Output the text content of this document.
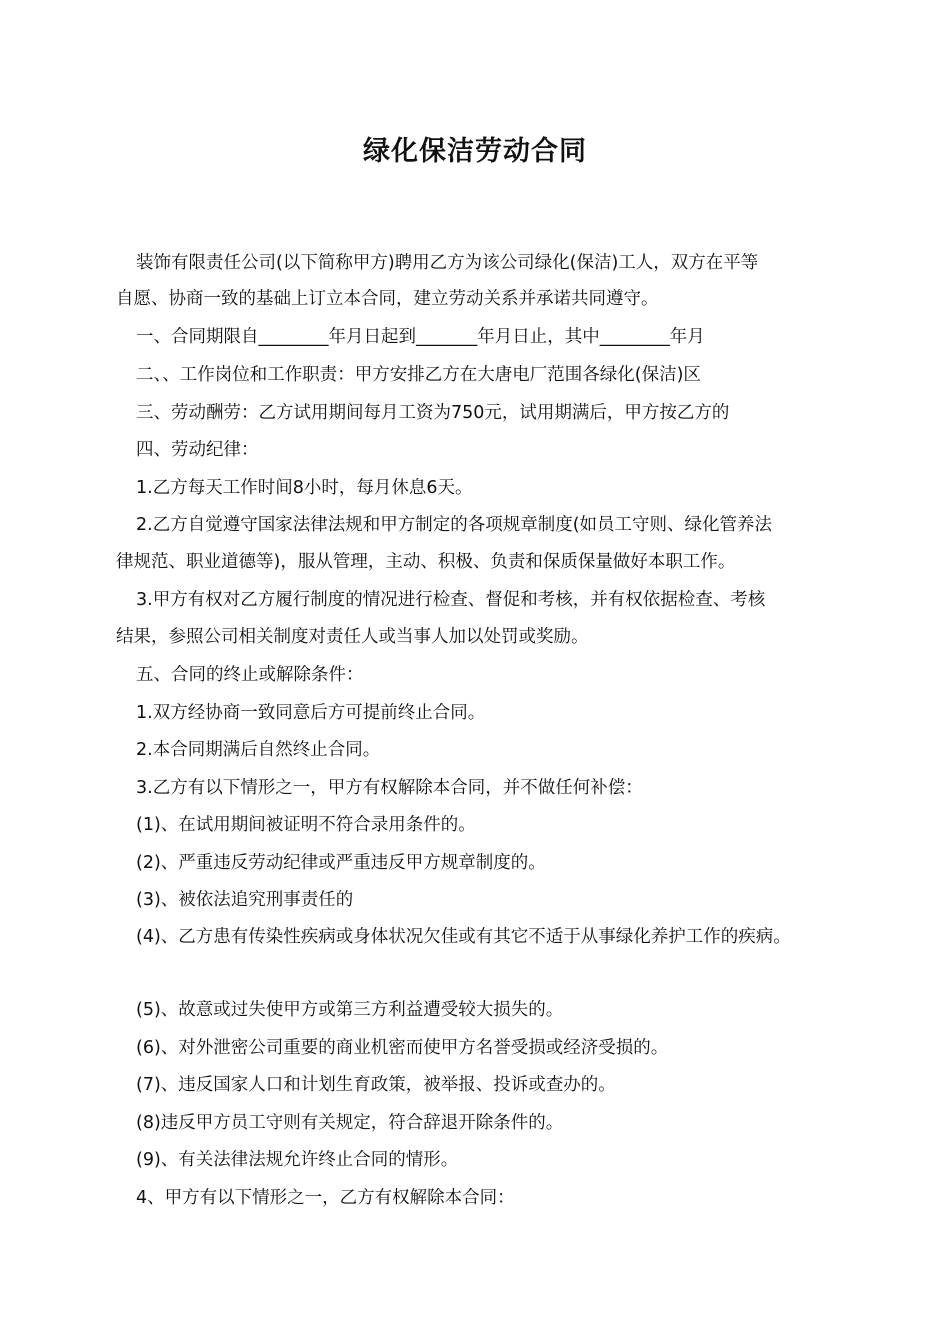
绿化保洁劳动合同
装饰有限责任公司(以下简称甲方)聘用乙方为该公司绿化(保洁)工人，双方在平等
自愿、协商一致的基础上订立本合同，建立劳动关系并承诺共同遵守。
一、合同期限自________年月日起到_______年月日止，其中________年月
二、、工作岗位和工作职责：甲方安排乙方在大唐电厂范围各绿化(保洁)区
三、劳动酬劳：乙方试用期间每月工资为750元，试用期满后，甲方按乙方的
四、劳动纪律：
1.乙方每天工作时间8小时，每月休息6天。
2.乙方自觉遵守国家法律法规和甲方制定的各项规章制度(如员工守则、绿化管养法
律规范、职业道德等)，服从管理，主动、积极、负责和保质保量做好本职工作。
3.甲方有权对乙方履行制度的情况进行检查、督促和考核，并有权依据检查、考核
结果，参照公司相关制度对责任人或当事人加以处罚或奖励。
五、合同的终止或解除条件：
1.双方经协商一致同意后方可提前终止合同。
2.本合同期满后自然终止合同。
3.乙方有以下情形之一，甲方有权解除本合同，并不做任何补偿：
(1)、在试用期间被证明不符合录用条件的。
(2)、严重违反劳动纪律或严重违反甲方规章制度的。
(3)、被依法追究刑事责任的
(4)、乙方患有传染性疾病或身体状况欠佳或有其它不适于从事绿化养护工作的疾病。
(5)、故意或过失使甲方或第三方利益遭受较大损失的。
(6)、对外泄密公司重要的商业机密而使甲方名誉受损或经济受损的。
(7)、违反国家人口和计划生育政策，被举报、投诉或查办的。
(8)违反甲方员工守则有关规定，符合辞退开除条件的。
(9)、有关法律法规允许终止合同的情形。
4、甲方有以下情形之一，乙方有权解除本合同：
